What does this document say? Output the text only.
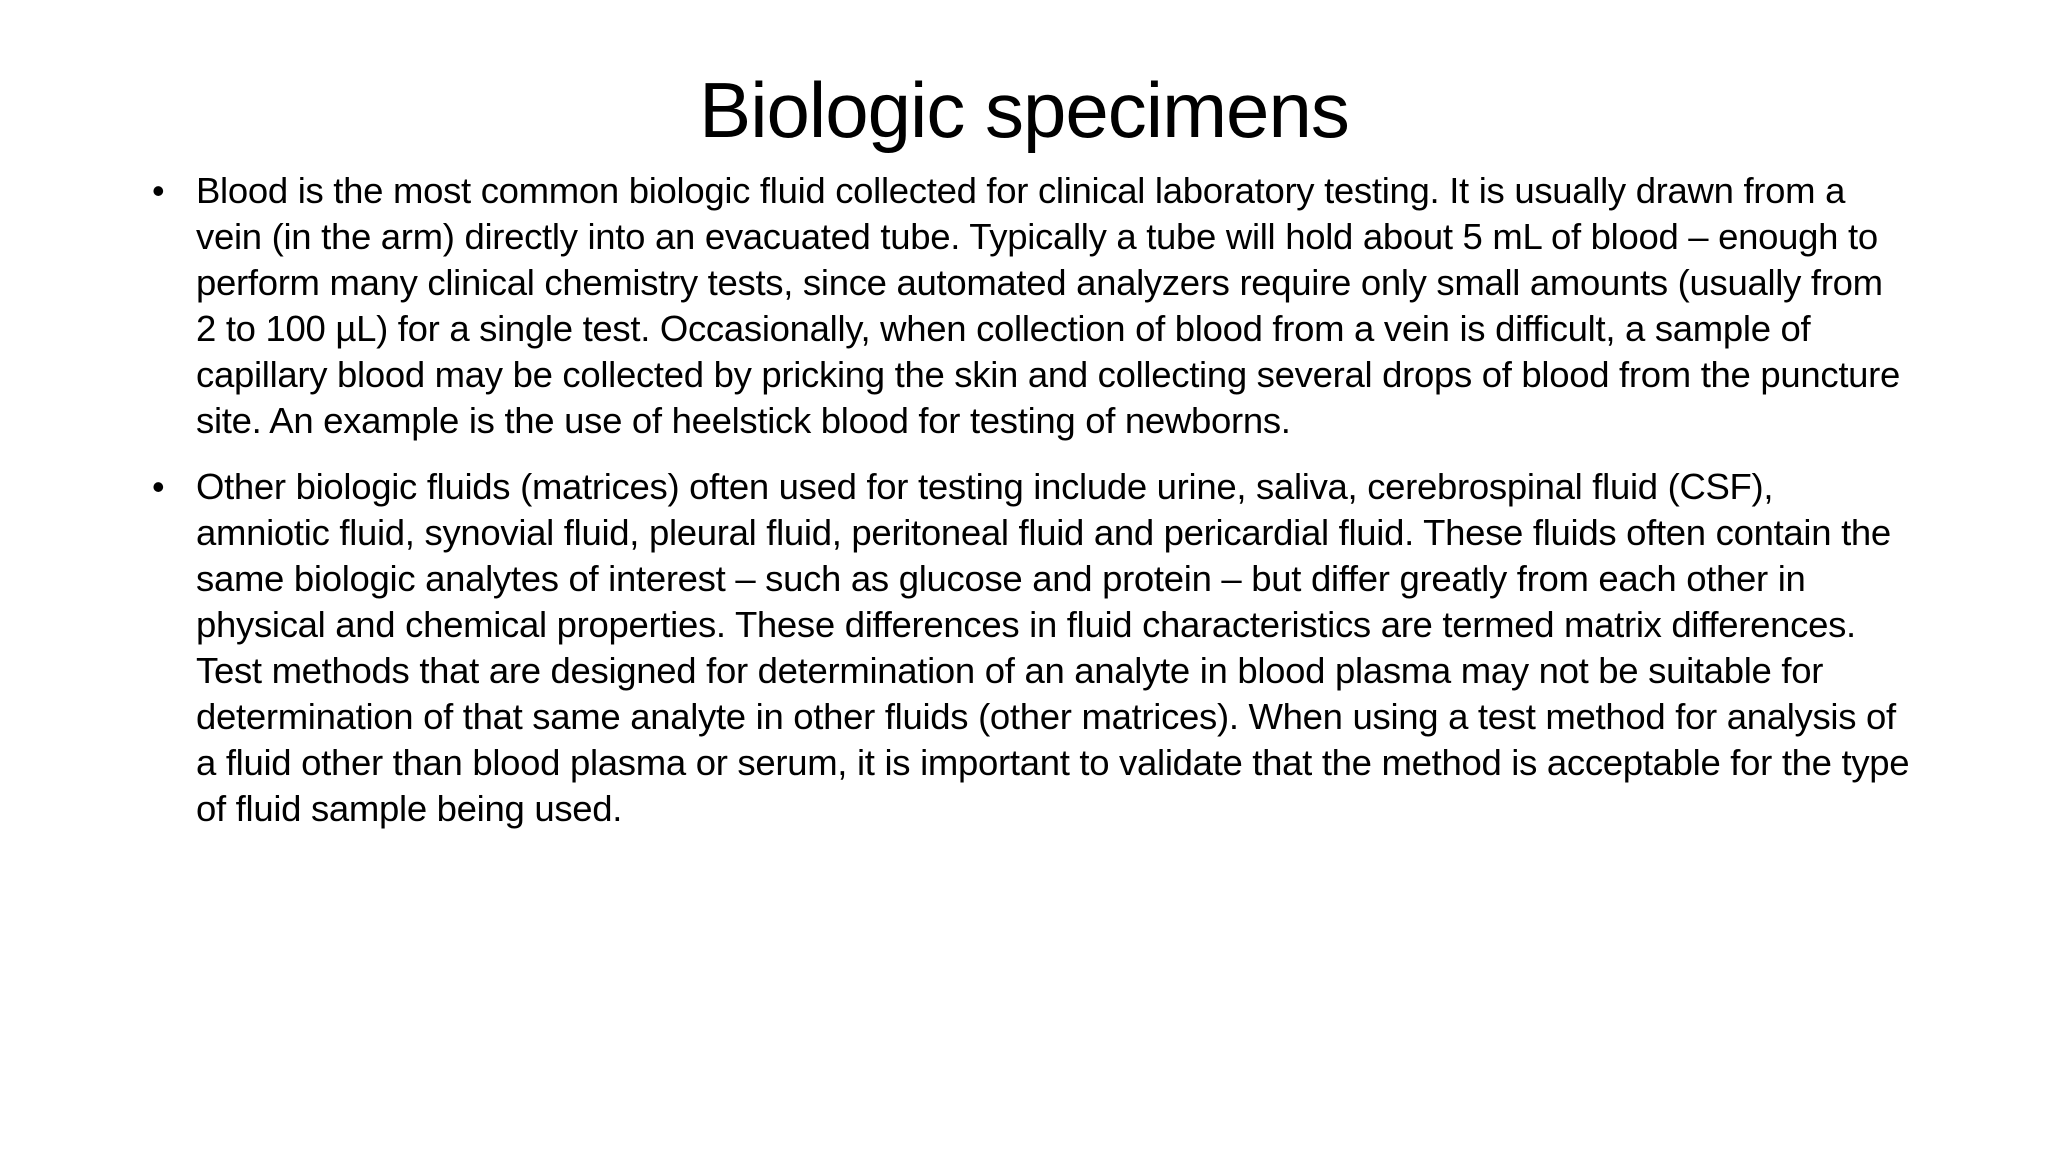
Biologic specimens
• Blood is the most common biologic fluid collected for clinical laboratory testing. It is usually drawn from a vein (in the arm) directly into an evacuated tube. Typically a tube will hold about 5 mL of blood – enough to perform many clinical chemistry tests, since automated analyzers require only small amounts (usually from 2 to 100 µL) for a single test. Occasionally, when collection of blood from a vein is difficult, a sample of capillary blood may be collected by pricking the skin and collecting several drops of blood from the puncture site. An example is the use of heelstick blood for testing of newborns.
• Other biologic fluids (matrices) often used for testing include urine, saliva, cerebrospinal fluid (CSF), amniotic fluid, synovial fluid, pleural fluid, peritoneal fluid and pericardial fluid. These fluids often contain the same biologic analytes of interest – such as glucose and protein – but differ greatly from each other in physical and chemical properties. These differences in fluid characteristics are termed matrix differences. Test methods that are designed for determination of an analyte in blood plasma may not be suitable for determination of that same analyte in other fluids (other matrices). When using a test method for analysis of a fluid other than blood plasma or serum, it is important to validate that the method is acceptable for the type of fluid sample being used.
